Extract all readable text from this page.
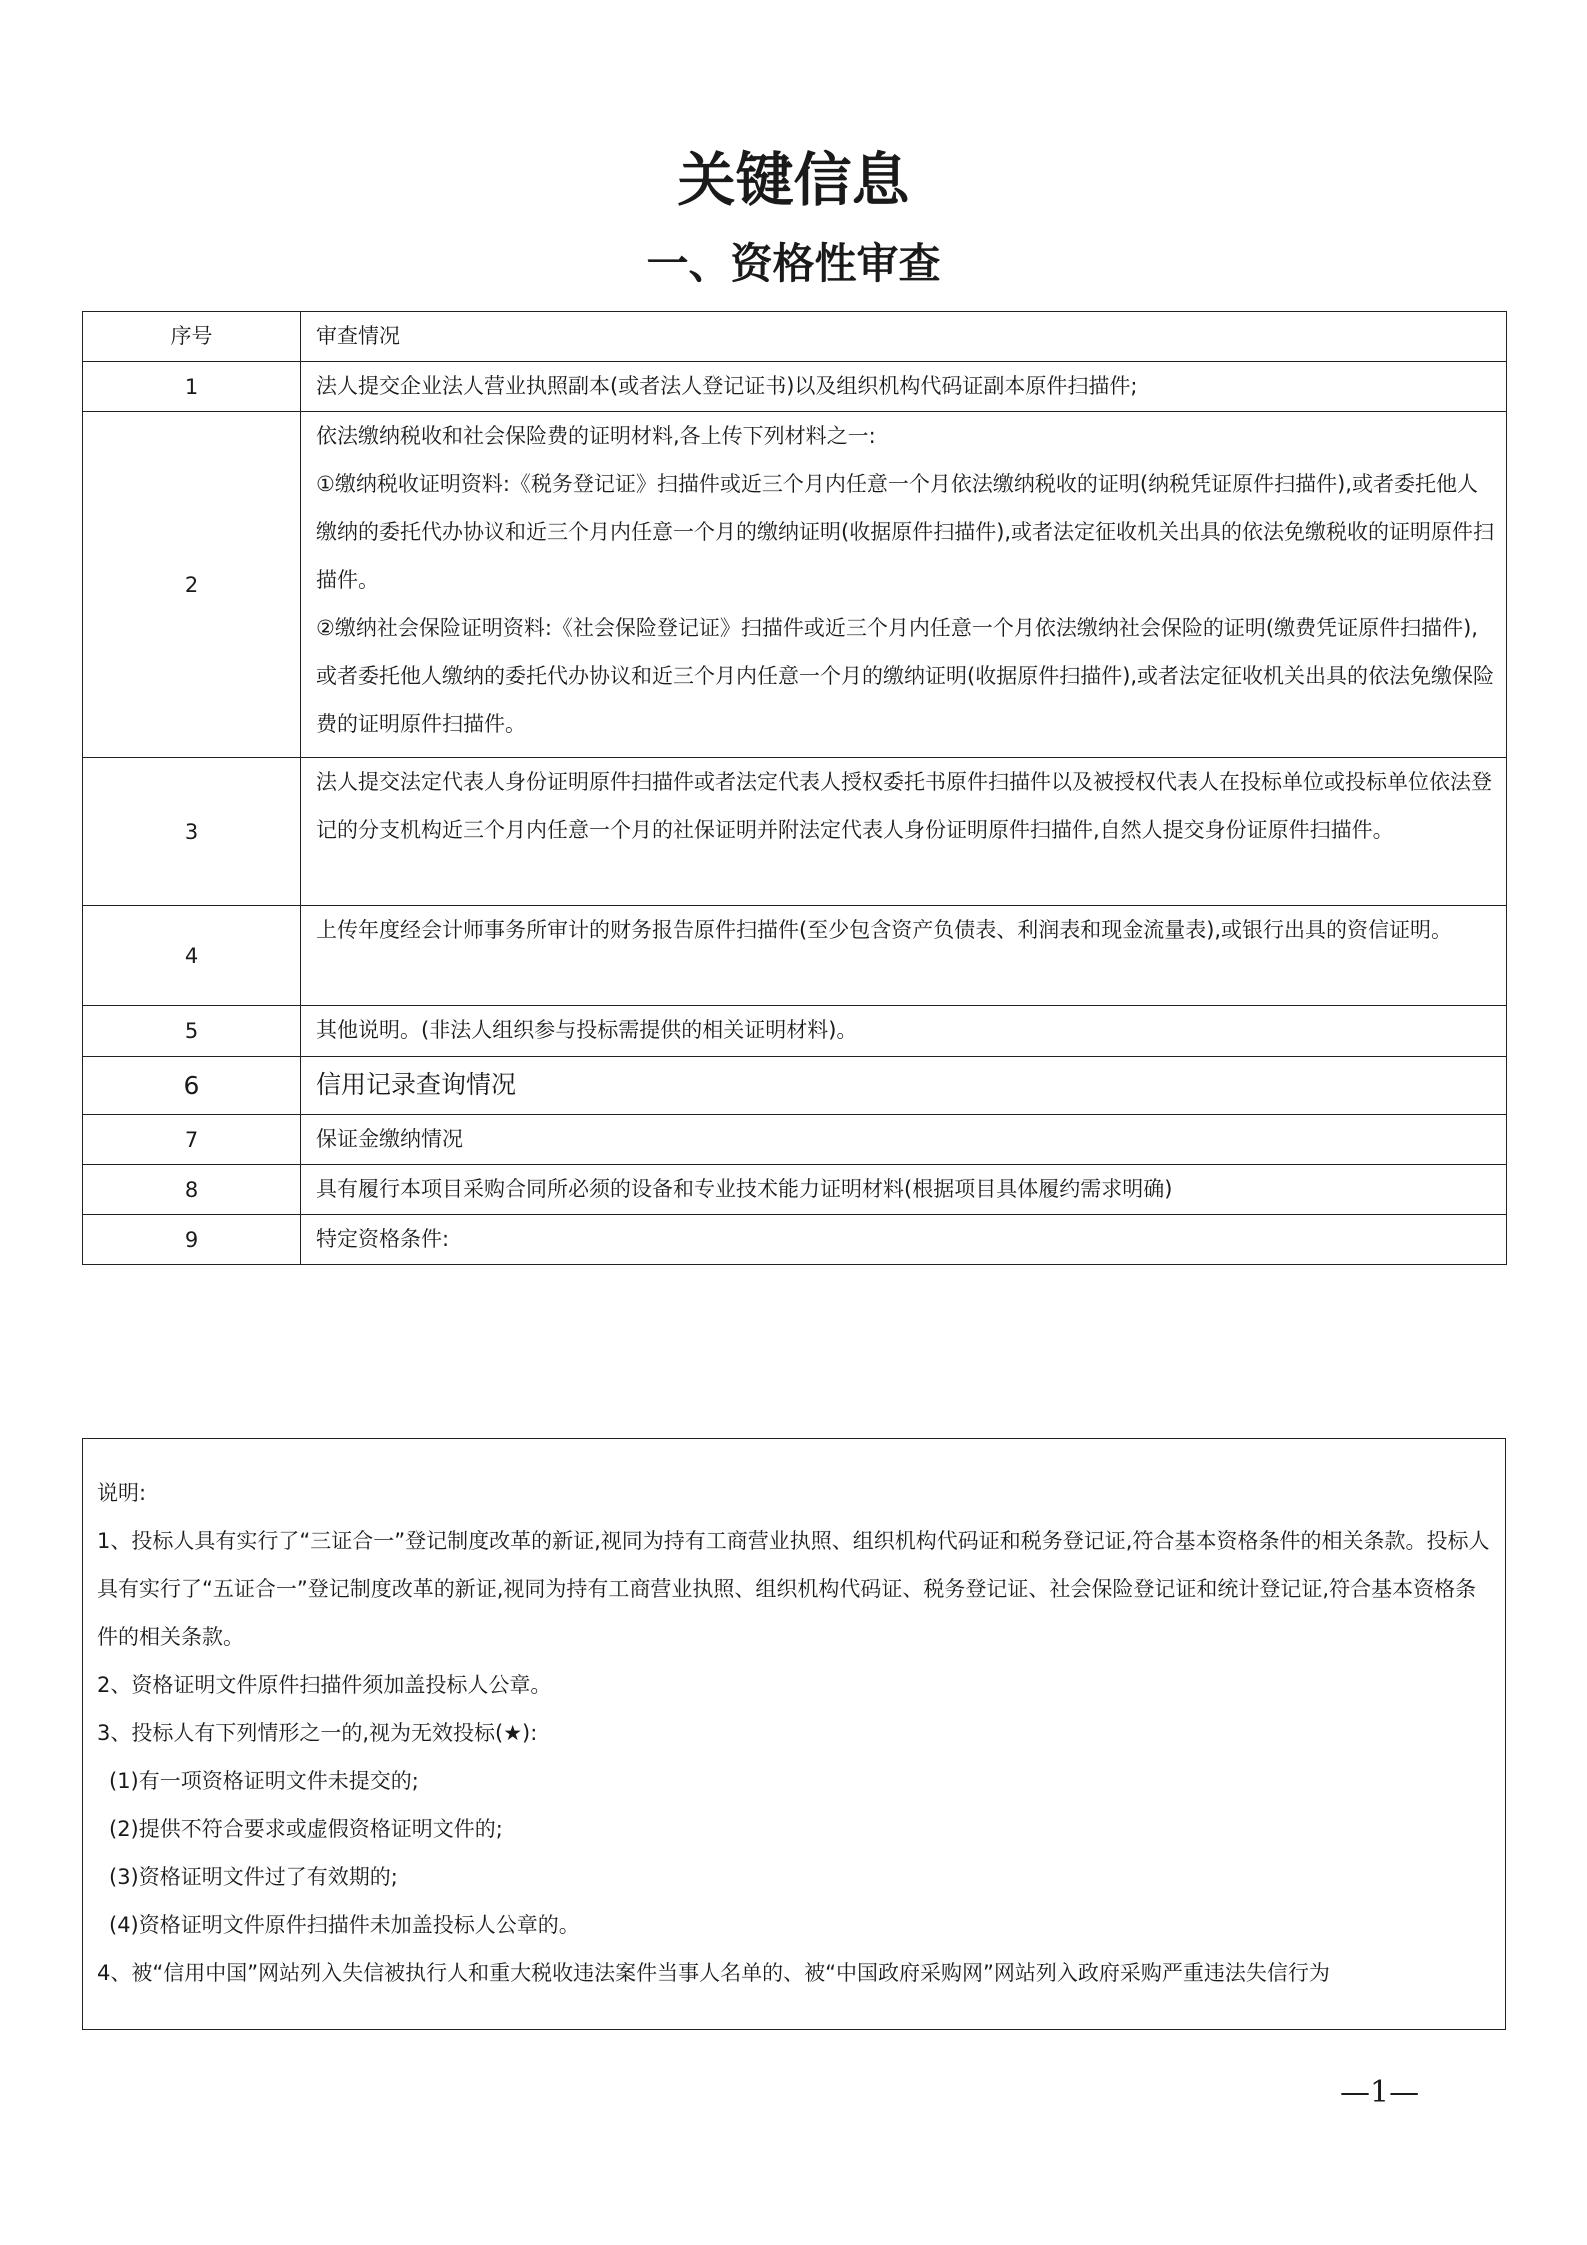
关键信息
一、资格性审查
序号	审查情况
1	法人提交企业法人营业执照副本(或者法人登记证书)以及组织机构代码证副本原件扫描件;

2	依法缴纳税收和社会保险费的证明材料,各上传下列材料之一:
①缴纳税收证明资料:《税务登记证》扫描件或近三个月内任意一个月依法缴纳税收的证明(纳税凭证原件扫描件),或者委托他人缴纳的委托代办协议和近三个月内任意一个月的缴纳证明(收据原件扫描件),或者法定征收机关出具的依法免缴税收的证明原件扫描件。
②缴纳社会保险证明资料:《社会保险登记证》扫描件或近三个月内任意一个月依法缴纳社会保险的证明(缴费凭证原件扫描件),或者委托他人缴纳的委托代办协议和近三个月内任意一个月的缴纳证明(收据原件扫描件),或者法定征收机关出具的依法免缴保险费的证明原件扫描件。

3	法人提交法定代表人身份证明原件扫描件或者法定代表人授权委托书原件扫描件以及被授权代表人在投标单位或投标单位依法登记的分支机构近三个月内任意一个月的社保证明并附法定代表人身份证明原件扫描件,自然人提交身份证原件扫描件。

4	上传年度经会计师事务所审计的财务报告原件扫描件(至少包含资产负债表、利润表和现金流量表),或银行出具的资信证明。

5	其他说明。(非法人组织参与投标需提供的相关证明材料)。

6	信用记录查询情况

7	保证金缴纳情况

8	具有履行本项目采购合同所必须的设备和专业技术能力证明材料(根据项目具体履约需求明确)

9	特定资格条件:
说明:
1、投标人具有实行了“三证合一”登记制度改革的新证,视同为持有工商营业执照、组织机构代码证和税务登记证,符合基本资格条件的相关条款。投标人具有实行了“五证合一”登记制度改革的新证,视同为持有工商营业执照、组织机构代码证、税务登记证、社会保险登记证和统计登记证,符合基本资格条件的相关条款。
2、资格证明文件原件扫描件须加盖投标人公章。
3、投标人有下列情形之一的,视为无效投标(★):
(1)有一项资格证明文件未提交的;
(2)提供不符合要求或虚假资格证明文件的;
(3)资格证明文件过了有效期的;
(4)资格证明文件原件扫描件未加盖投标人公章的。
4、被“信用中国”网站列入失信被执行人和重大税收违法案件当事人名单的、被“中国政府采购网”网站列入政府采购严重违法失信行为
—1—
